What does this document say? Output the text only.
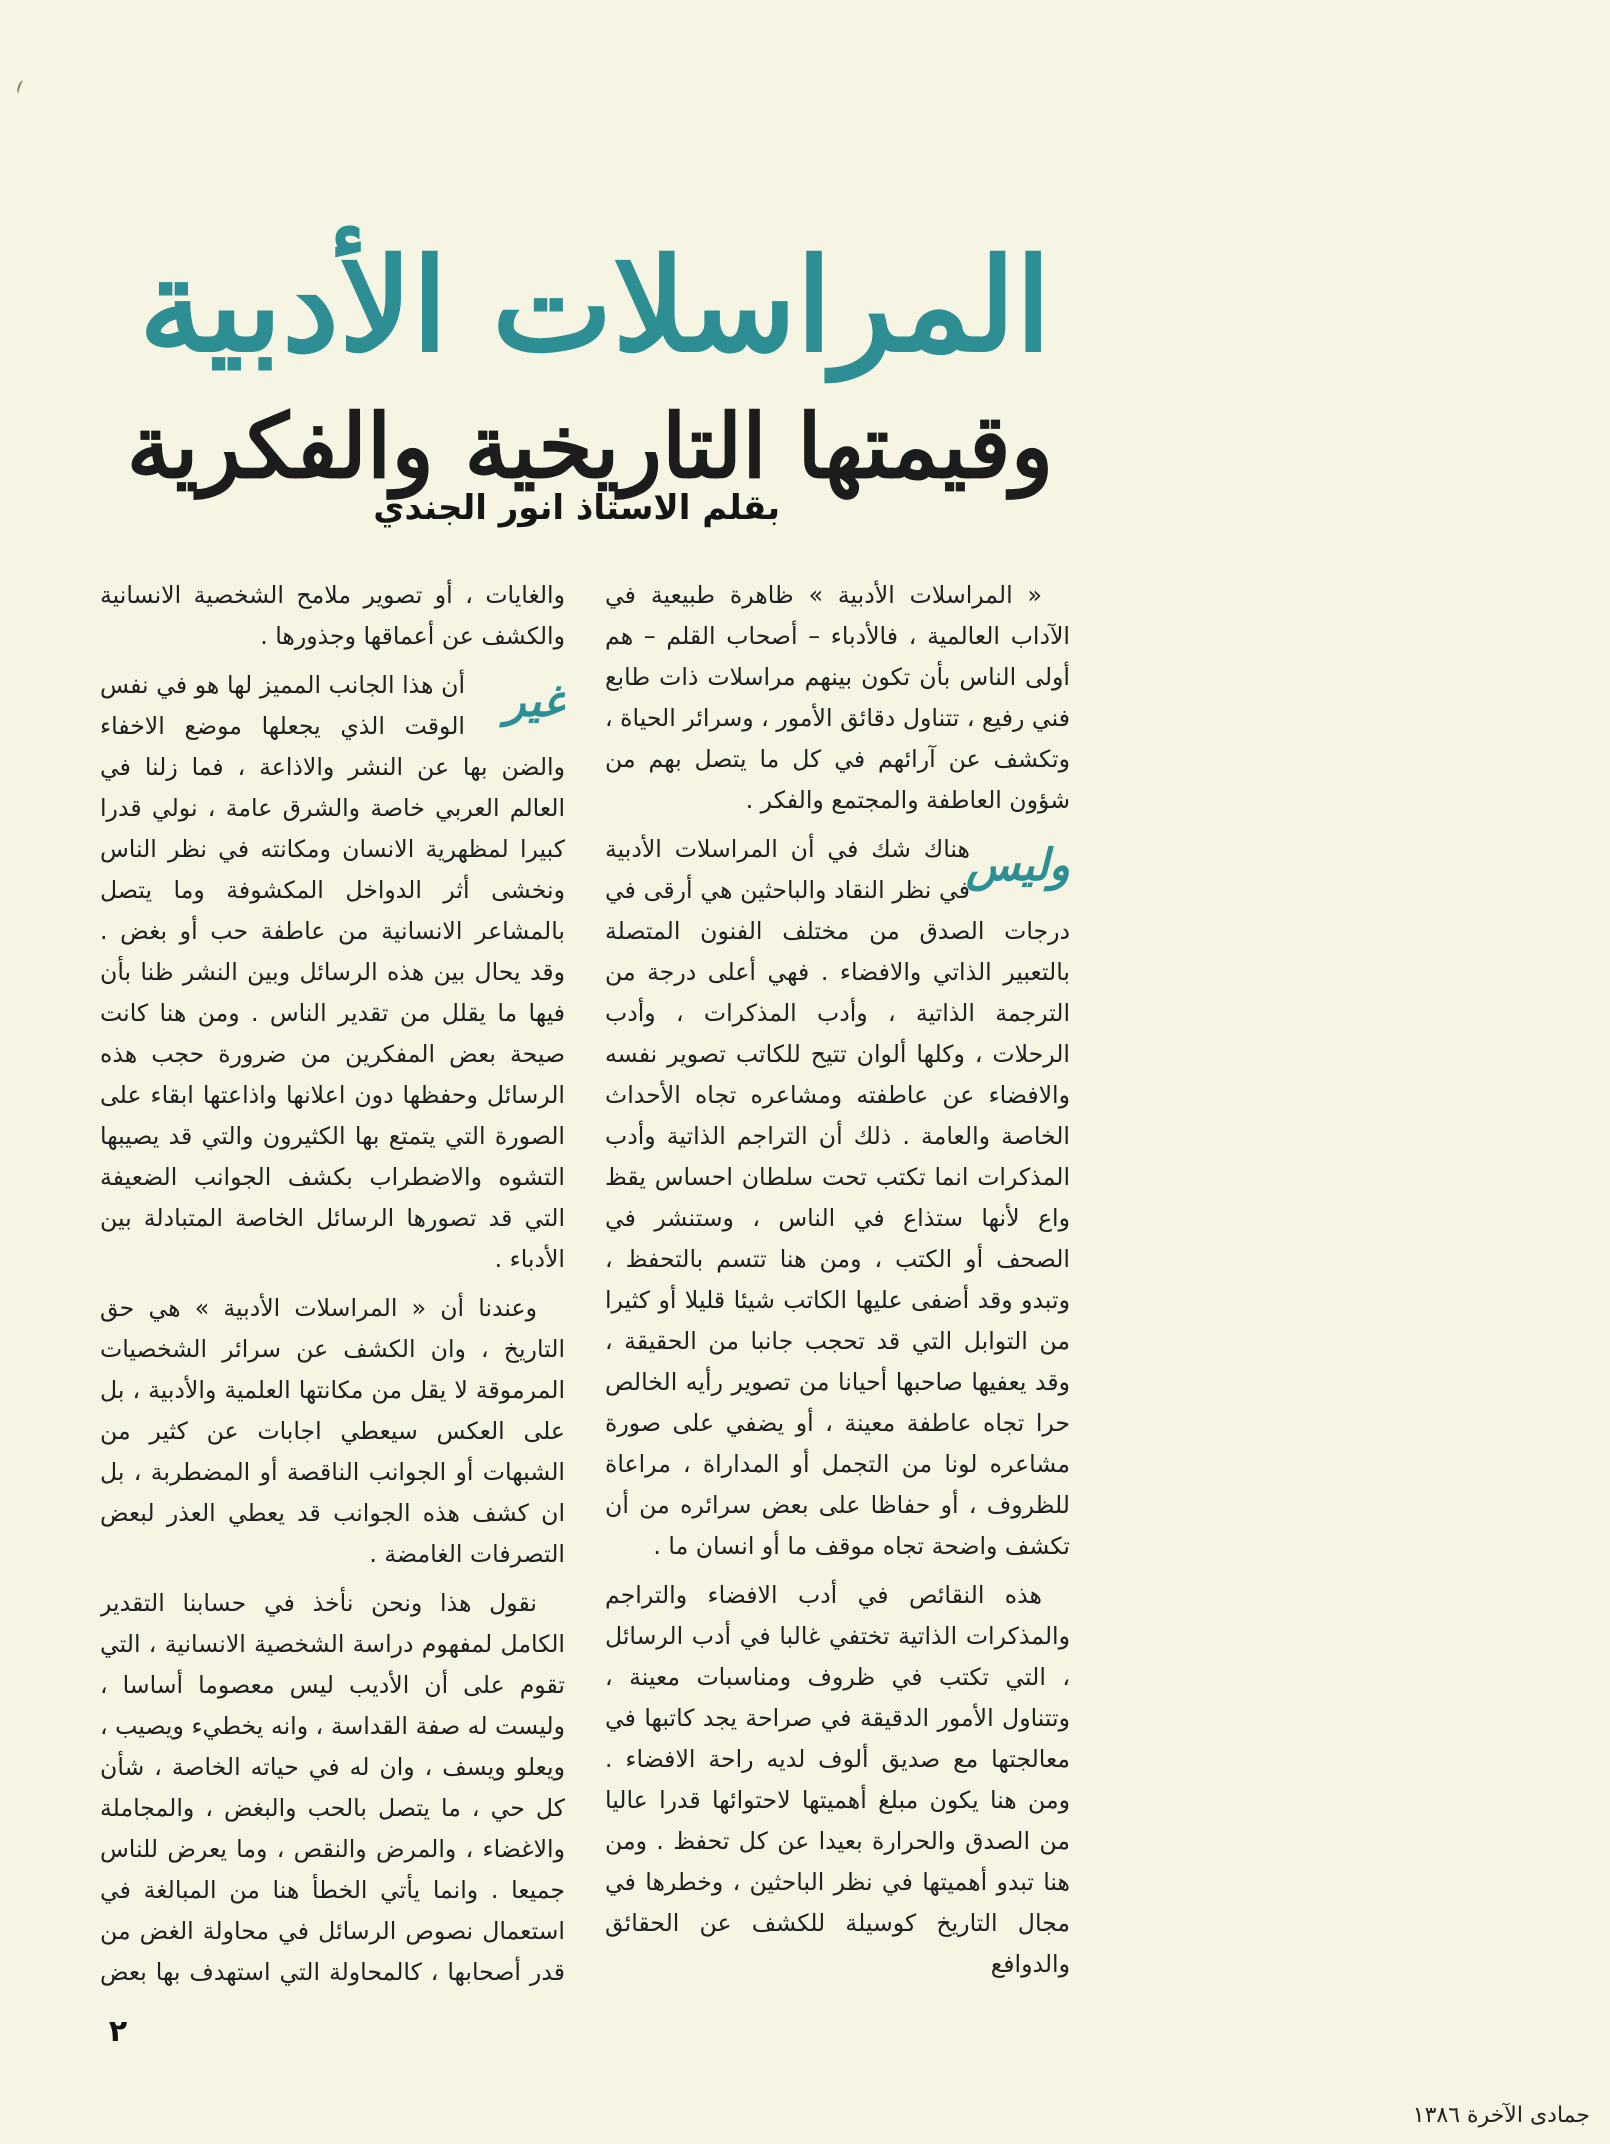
المراسلات الأدبية
وقيمتها التاريخية والفكرية
بقلم الاستاذ انور الجندي

« المراسلات الأدبية » ظاهرة طبيعية في الآداب العالمية ، فالأدباء – أصحاب القلم – هم أولى الناس بأن تكون بينهم مراسلات ذات طابع فني رفيع ، تتناول دقائق الأمور ، وسرائر الحياة ، وتكشف عن آرائهم في كل ما يتصل بهم من شؤون العاطفة والمجتمع والفكر .

وليس
هناك شك في أن المراسلات الأدبية في نظر النقاد والباحثين هي أرقى في درجات الصدق من مختلف الفنون المتصلة بالتعبير الذاتي والافضاء . فهي أعلى درجة من الترجمة الذاتية ، وأدب المذكرات ، وأدب الرحلات ، وكلها ألوان تتيح للكاتب تصوير نفسه والافضاء عن عاطفته ومشاعره تجاه الأحداث الخاصة والعامة . ذلك أن التراجم الذاتية وأدب المذكرات انما تكتب تحت سلطان احساس يقظ واع لأنها ستذاع في الناس ، وستنشر في الصحف أو الكتب ، ومن هنا تتسم بالتحفظ ، وتبدو وقد أضفى عليها الكاتب شيئا قليلا أو كثيرا من التوابل التي قد تحجب جانبا من الحقيقة ، وقد يعفيها صاحبها أحيانا من تصوير رأيه الخالص حرا تجاه عاطفة معينة ، أو يضفي على صورة مشاعره لونا من التجمل أو المداراة ، مراعاة للظروف ، أو حفاظا على بعض سرائره من أن تكشف واضحة تجاه موقف ما أو انسان ما .

هذه النقائص في أدب الافضاء والتراجم والمذكرات الذاتية تختفي غالبا في أدب الرسائل ، التي تكتب في ظروف ومناسبات معينة ، وتتناول الأمور الدقيقة في صراحة يجد كاتبها في معالجتها مع صديق ألوف لديه راحة الافضاء . ومن هنا يكون مبلغ أهميتها لاحتوائها قدرا عاليا من الصدق والحرارة بعيدا عن كل تحفظ . ومن هنا تبدو أهميتها في نظر الباحثين ، وخطرها في مجال التاريخ كوسيلة للكشف عن الحقائق والدوافع

والغايات ، أو تصوير ملامح الشخصية الانسانية والكشف عن أعماقها وجذورها .

غير
أن هذا الجانب المميز لها هو في نفس الوقت الذي يجعلها موضع الاخفاء والضن بها عن النشر والاذاعة ، فما زلنا في العالم العربي خاصة والشرق عامة ، نولي قدرا كبيرا لمظهرية الانسان ومكانته في نظر الناس ونخشى أثر الدواخل المكشوفة وما يتصل بالمشاعر الانسانية من عاطفة حب أو بغض . وقد يحال بين هذه الرسائل وبين النشر ظنا بأن فيها ما يقلل من تقدير الناس . ومن هنا كانت صيحة بعض المفكرين من ضرورة حجب هذه الرسائل وحفظها دون اعلانها واذاعتها ابقاء على الصورة التي يتمتع بها الكثيرون والتي قد يصيبها التشوه والاضطراب بكشف الجوانب الضعيفة التي قد تصورها الرسائل الخاصة المتبادلة بين الأدباء .

وعندنا أن « المراسلات الأدبية » هي حق التاريخ ، وان الكشف عن سرائر الشخصيات المرموقة لا يقل من مكانتها العلمية والأدبية ، بل على العكس سيعطي اجابات عن كثير من الشبهات أو الجوانب الناقصة أو المضطربة ، بل ان كشف هذه الجوانب قد يعطي العذر لبعض التصرفات الغامضة .

نقول هذا ونحن نأخذ في حسابنا التقدير الكامل لمفهوم دراسة الشخصية الانسانية ، التي تقوم على أن الأديب ليس معصوما أساسا ، وليست له صفة القداسة ، وانه يخطيء ويصيب ، ويعلو ويسف ، وان له في حياته الخاصة ، شأن كل حي ، ما يتصل بالحب والبغض ، والمجاملة والاغضاء ، والمرض والنقص ، وما يعرض للناس جميعا . وانما يأتي الخطأ هنا من المبالغة في استعمال نصوص الرسائل في محاولة الغض من قدر أصحابها ، كالمحاولة التي استهدف بها بعض

٢
جمادى الآخرة ١٣٨٦
